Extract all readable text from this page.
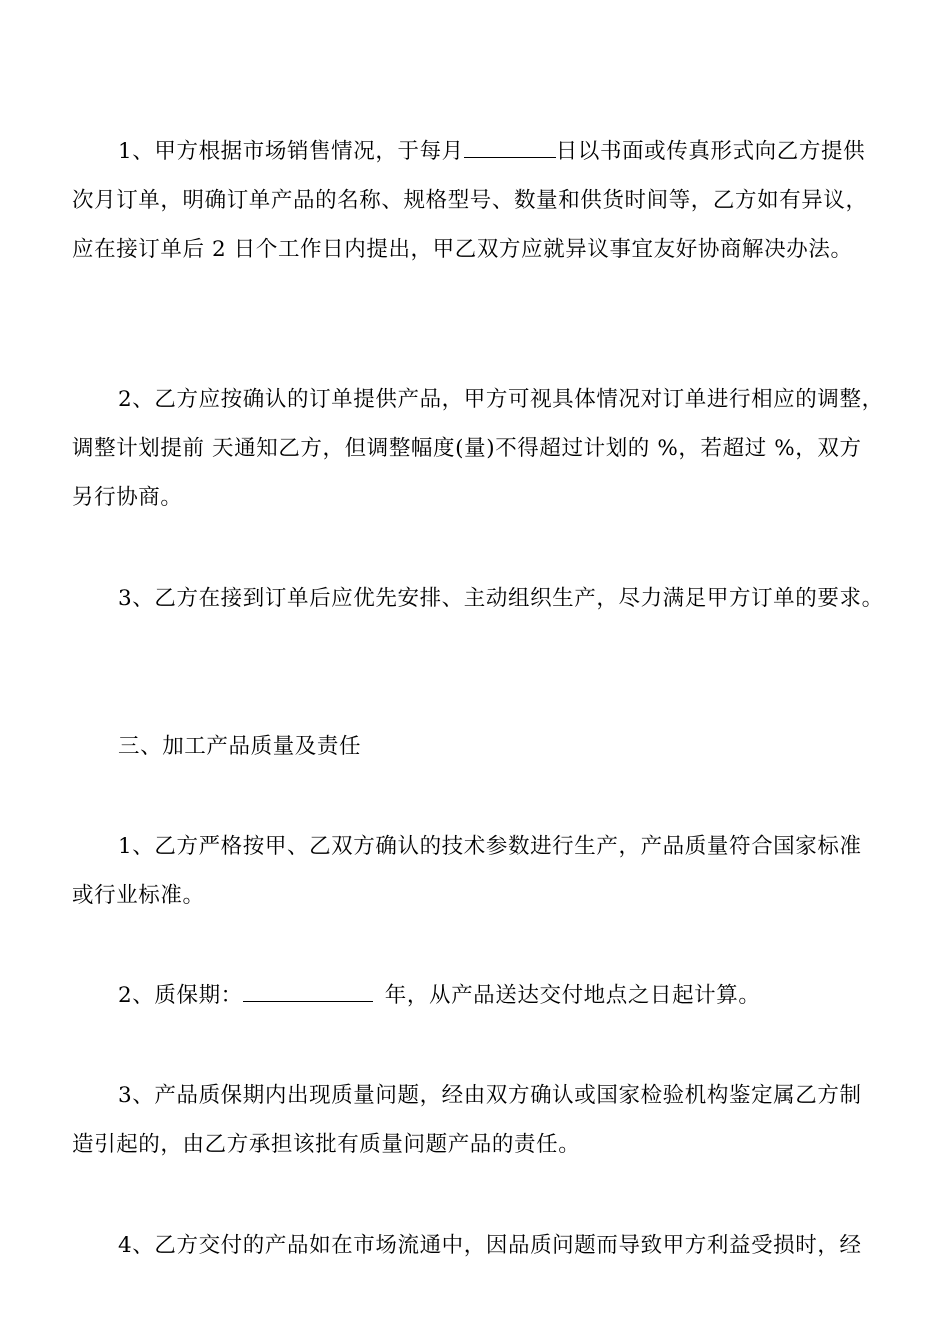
1、甲方根据市场销售情况，于每月	日以书面或传真形式向乙方提供

次月订单，明确订单产品的名称、规格型号、数量和供货时间等，乙方如有异议，

应在接订单后 2 日个工作日内提出，甲乙双方应就异议事宜友好协商解决办法。

2、乙方应按确认的订单提供产品，甲方可视具体情况对订单进行相应的调整，

调整计划提前 天通知乙方，但调整幅度(量)不得超过计划的 %，若超过 %，双方

另行协商。

3、乙方在接到订单后应优先安排、主动组织生产，尽力满足甲方订单的要求。

三、加工产品质量及责任

1、乙方严格按甲、乙双方确认的技术参数进行生产，产品质量符合国家标准

或行业标准。

2、质保期：	年，从产品送达交付地点之日起计算。

3、产品质保期内出现质量问题，经由双方确认或国家检验机构鉴定属乙方制

造引起的，由乙方承担该批有质量问题产品的责任。

4、乙方交付的产品如在市场流通中，因品质问题而导致甲方利益受损时，经
